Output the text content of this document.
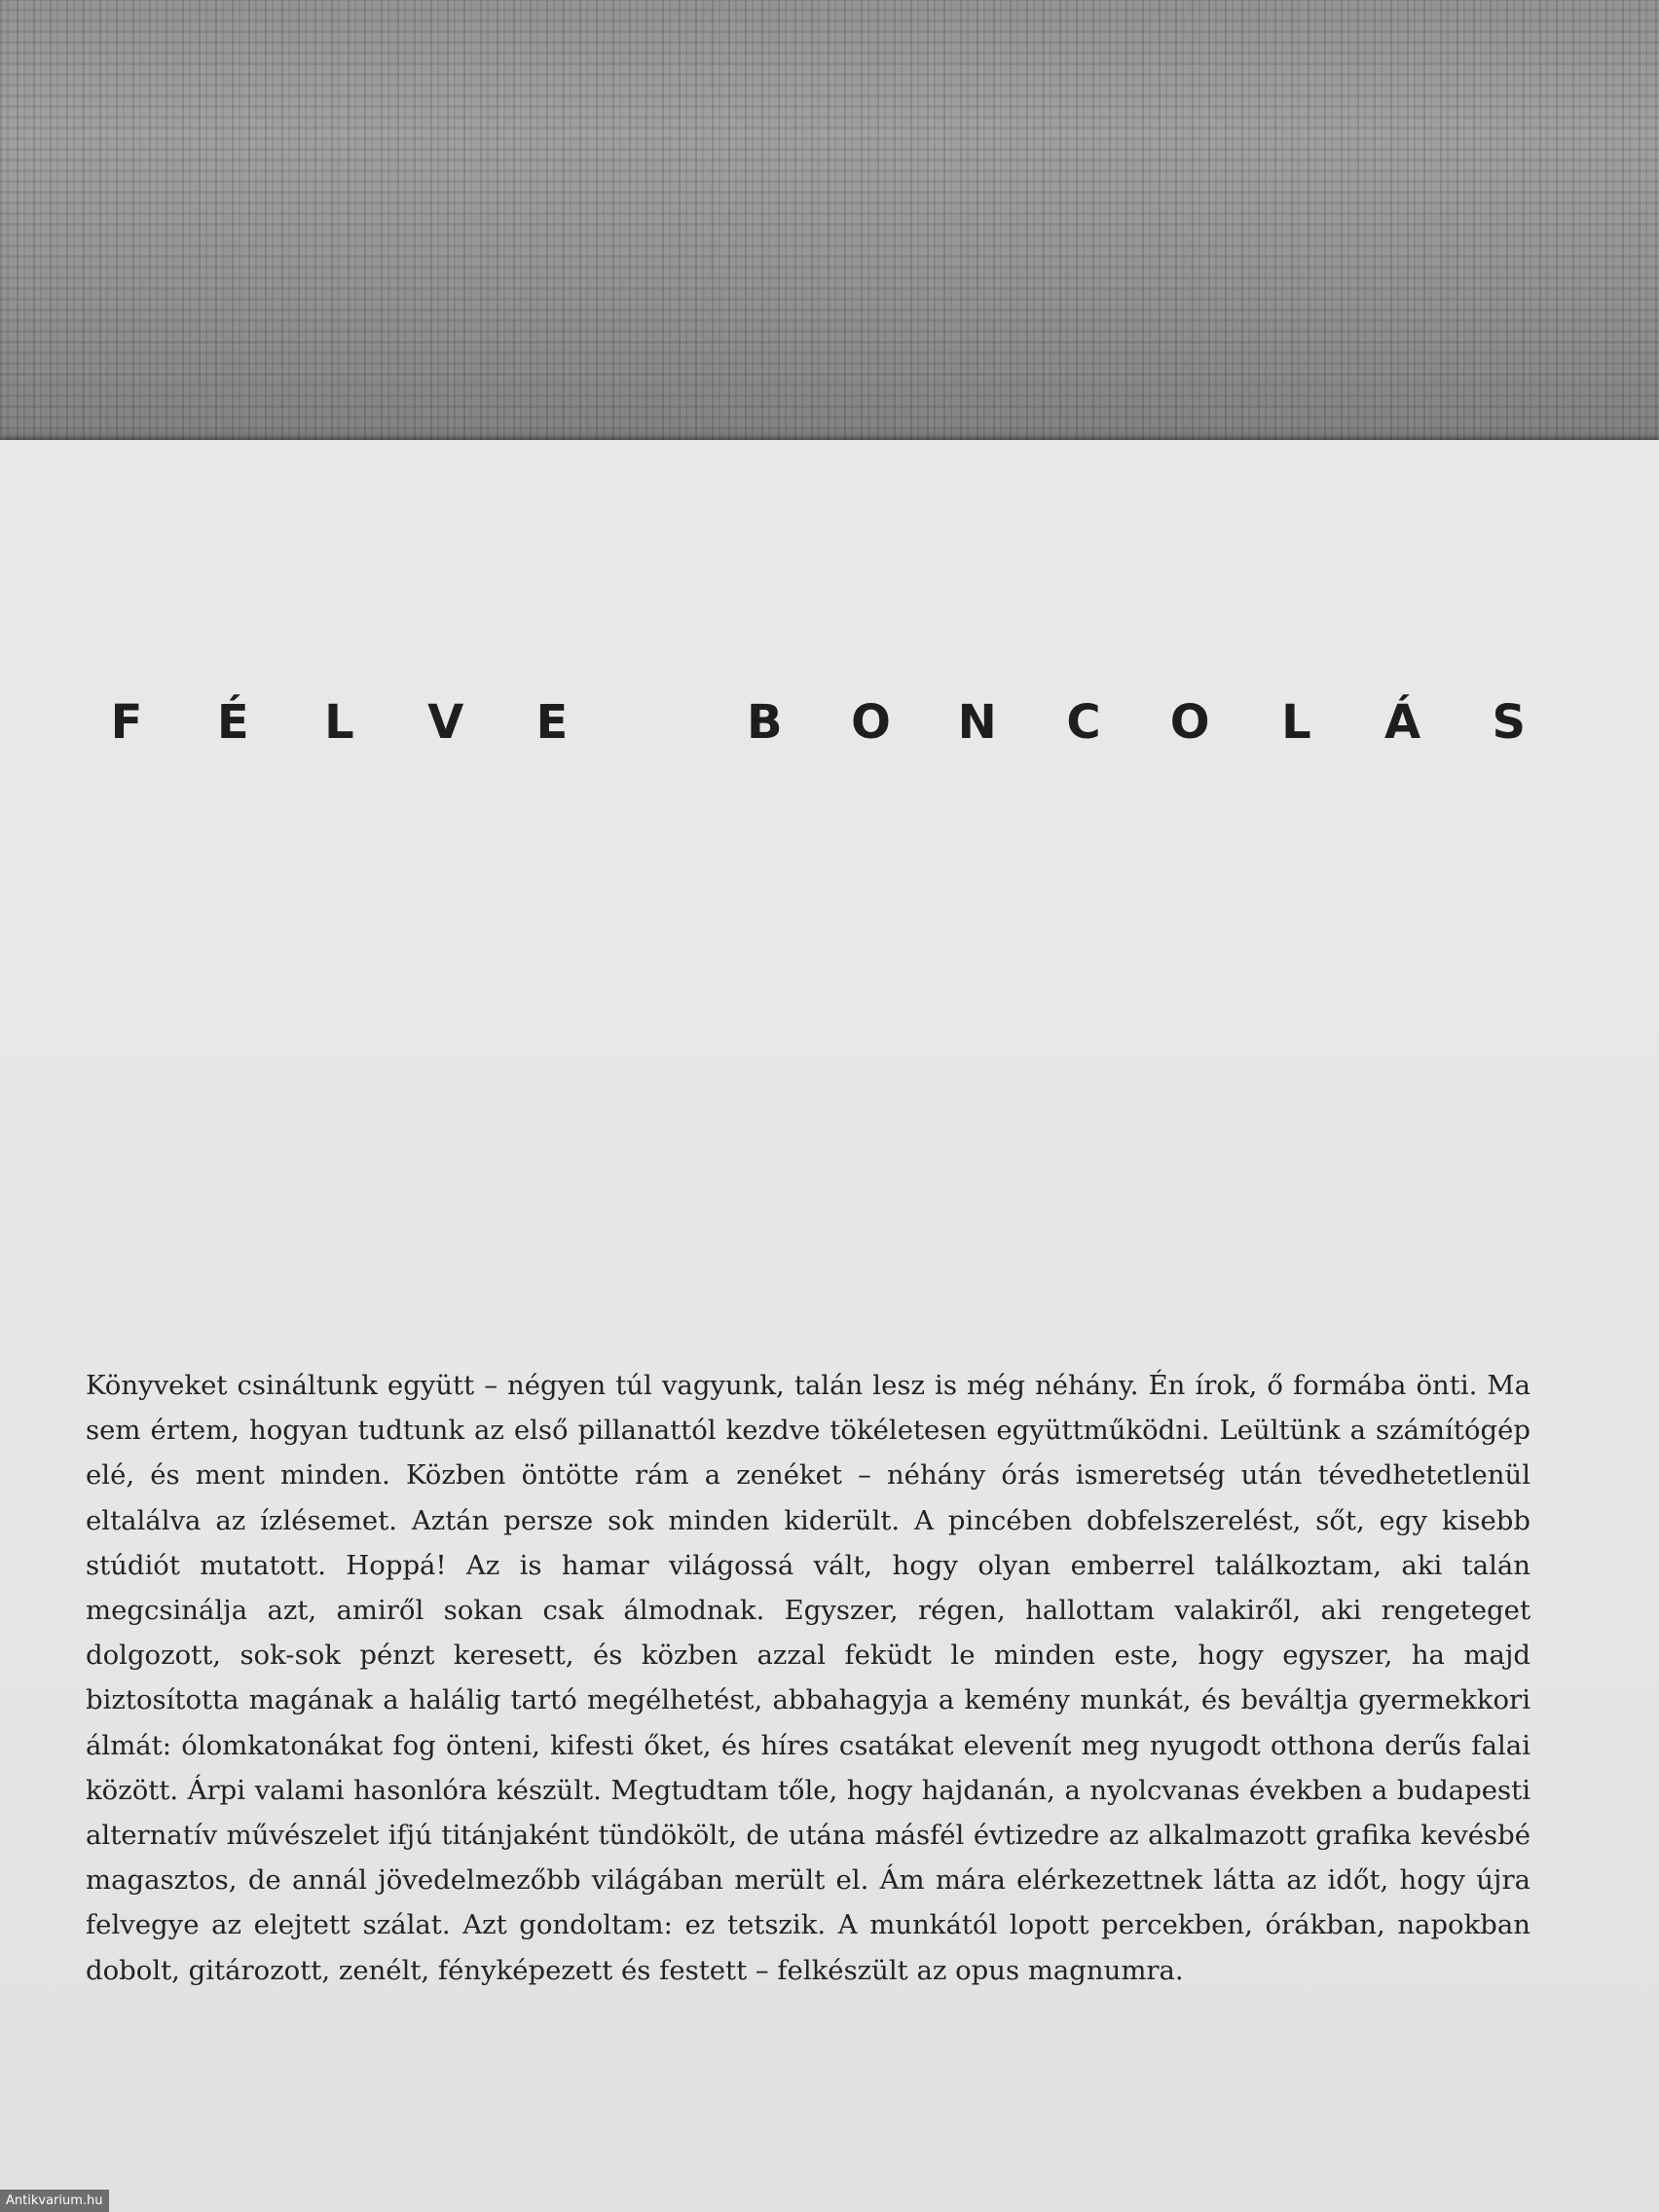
F É	L	V E	B O N C O	L	Á S

Könyveket csináltunk együtt – négyen túl vagyunk, talán lesz is még néhány. Én írok, ő formába önti. Ma sem értem, hogyan tudtunk az első pillanattól kezdve tökéletesen együttműködni. Leültünk a számítógép elé, és ment minden. Közben öntötte rám a zenéket – néhány órás ismeretség után tévedhetetlenül eltalálva az ízlésemet. Aztán persze sok minden kiderült. A pincében dobfelszerelést, sőt, egy kisebb stúdiót mutatott. Hoppá! Az is hamar világossá vált, hogy olyan emberrel találkoztam, aki talán megcsinálja azt, amiről sokan csak álmodnak. Egyszer, régen, hallottam valakiről, aki rengeteget dolgozott, sok-sok pénzt keresett, és közben azzal feküdt le minden este, hogy egyszer, ha majd biztosította magának a halálig tartó megélhetést, abbahagyja a kemény munkát, és beváltja gyermekkori álmát: ólomkatonákat fog önteni, kifesti őket, és híres csatákat elevenít meg nyugodt otthona derűs falai között. Árpi valami hasonlóra készült. Megtudtam tőle, hogy hajdanán, a nyolcvanas években a budapesti alternatív művészelet ifjú titánjaként tündökölt, de utána másfél évtizedre az alkalmazott grafika kevésbé magasztos, de annál jövedelmezőbb világában merült el. Ám mára elérkezettnek látta az időt, hogy újra felvegye az elejtett szálat. Azt gondoltam: ez tetszik. A munkától lopott percekben, órákban, napokban dobolt, gitározott, zenélt, fényképezett és festett – felkészült az opus magnumra.

Antikvarium.hu
